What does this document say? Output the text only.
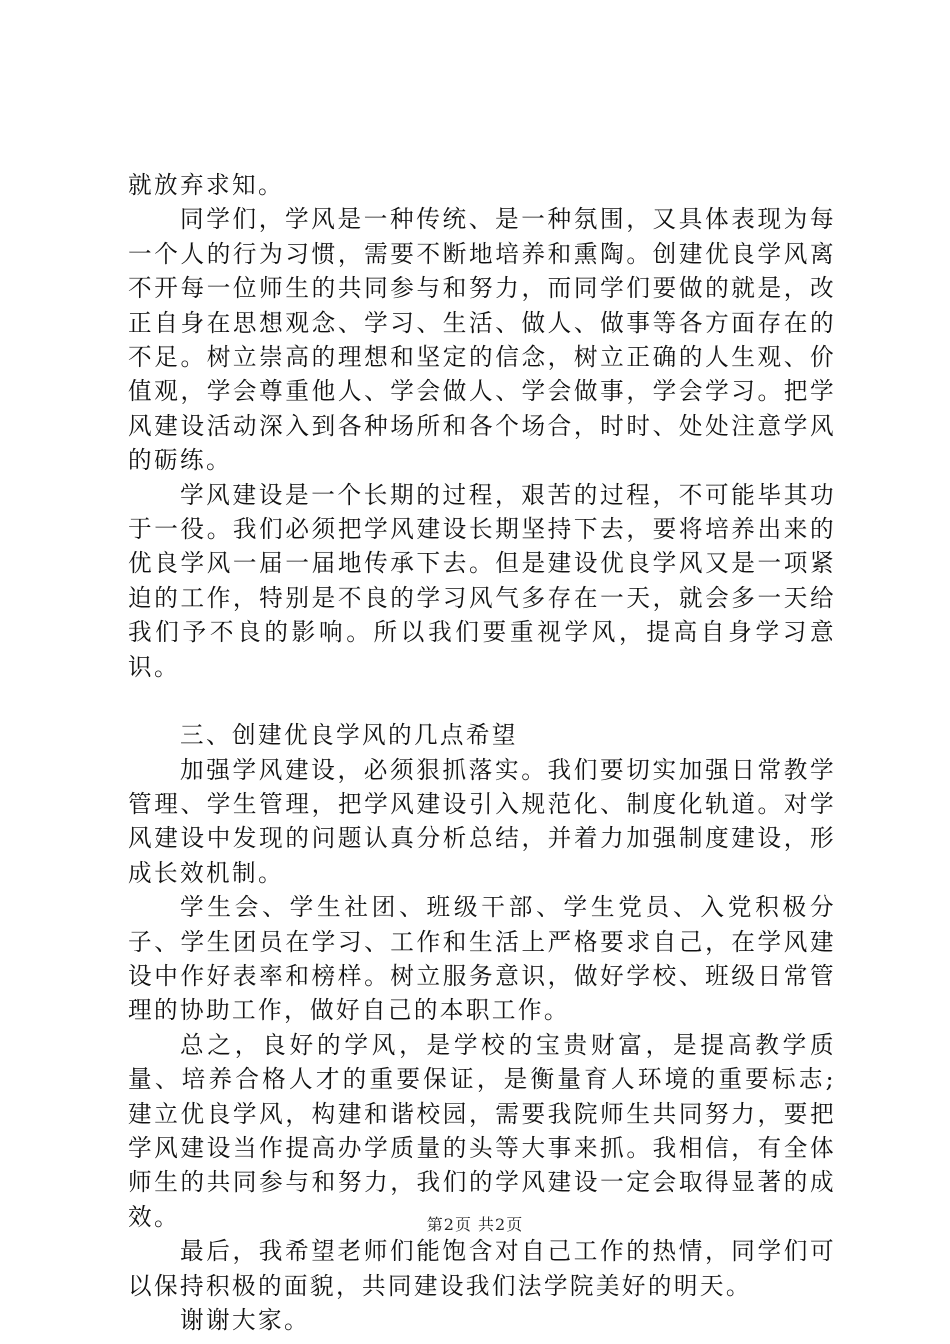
就放弃求知。

同学们，学风是一种传统、是一种氛围，又具体表现为每一个人的行为习惯，需要不断地培养和熏陶。创建优良学风离不开每一位师生的共同参与和努力，而同学们要做的就是，改正自身在思想观念、学习、生活、做人、做事等各方面存在的不足。树立崇高的理想和坚定的信念，树立正确的人生观、价值观，学会尊重他人、学会做人、学会做事，学会学习。把学风建设活动深入到各种场所和各个场合，时时、处处注意学风的砺练。

学风建设是一个长期的过程，艰苦的过程，不可能毕其功于一役。我们必须把学风建设长期坚持下去，要将培养出来的优良学风一届一届地传承下去。但是建设优良学风又是一项紧迫的工作，特别是不良的学习风气多存在一天，就会多一天给我们予不良的影响。所以我们要重视学风，提高自身学习意识。

三、创建优良学风的几点希望

加强学风建设，必须狠抓落实。我们要切实加强日常教学管理、学生管理，把学风建设引入规范化、制度化轨道。对学风建设中发现的问题认真分析总结，并着力加强制度建设，形成长效机制。

学生会、学生社团、班级干部、学生党员、入党积极分子、学生团员在学习、工作和生活上严格要求自己，在学风建设中作好表率和榜样。树立服务意识，做好学校、班级日常管理的协助工作，做好自己的本职工作。

总之，良好的学风，是学校的宝贵财富，是提高教学质量、培养合格人才的重要保证，是衡量育人环境的重要标志;建立优良学风，构建和谐校园，需要我院师生共同努力，要把学风建设当作提高办学质量的头等大事来抓。我相信，有全体师生的共同参与和努力，我们的学风建设一定会取得显著的成效。

最后，我希望老师们能饱含对自己工作的热情，同学们可以保持积极的面貌，共同建设我们法学院美好的明天。

谢谢大家。

第2页 共2页
